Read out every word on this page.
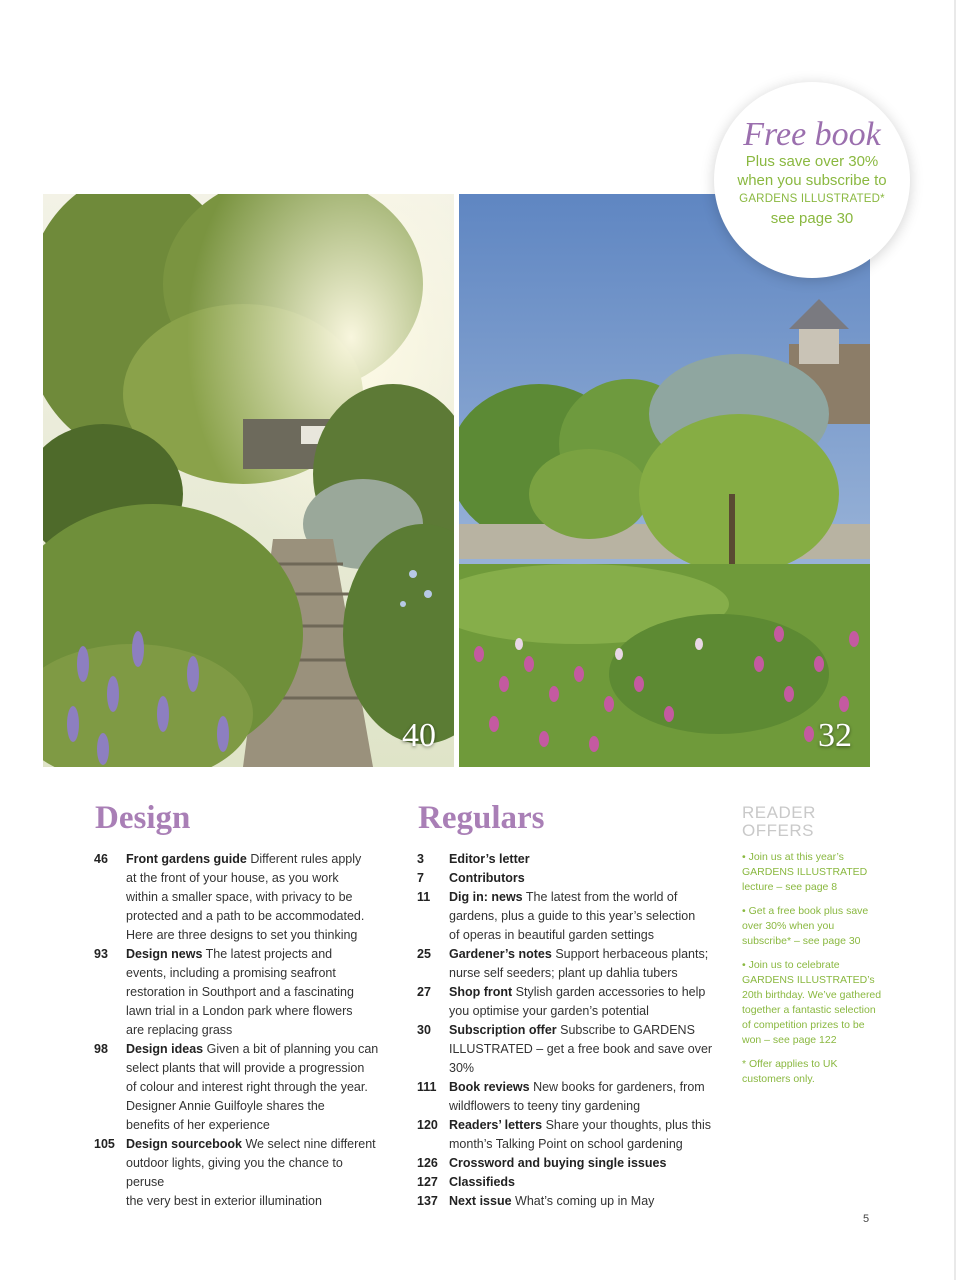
40	32
Free book
Plus save over 30%
when you subscribe to
GARDENS ILLUSTRATED*
see page 30
Design	Regulars
46	Front gardens guide Different rules apply
at the front of your house, as you work
within a smaller space, with privacy to be
protected and a path to be accommodated.
Here are three designs to set you thinking
93	Design news The latest projects and
events, including a promising seafront
restoration in Southport and a fascinating
lawn trial in a London park where flowers
are replacing grass
98	Design ideas Given a bit of planning you can
select plants that will provide a progression
of colour and interest right through the year.
Designer Annie Guilfoyle shares the
benefits of her experience
105 Design sourcebook We select nine different
outdoor lights, giving you the chance to peruse
the very best in exterior illumination
3	Editor’s letter
7	Contributors
11	Dig in: news The latest from the world of
gardens, plus a guide to this year’s selection
of operas in beautiful garden settings
25	Gardener’s notes Support herbaceous plants;
nurse self seeders; plant up dahlia tubers
27	Shop front Stylish garden accessories to help
you optimise your garden’s potential
30	Subscription offer Subscribe to GARDENS
ILLUSTRATED – get a free book and save over 30%
111	Book reviews New books for gardeners, from
wildflowers to teeny tiny gardening
120 Readers’ letters Share your thoughts, plus this
month’s Talking Point on school gardening
126 Crossword and buying single issues
127 Classifieds
137 Next issue What’s coming up in May
READER
OFFERS
• Join us at this year’s GARDENS ILLUSTRATED lecture – see page 8
• Get a free book plus save over 30% when you subscribe* – see page 30
• Join us to celebrate GARDENS ILLUSTRATED’s 20th birthday. We’ve gathered together a fantastic selection of competition prizes to be won – see page 122
* Offer applies to UK customers only.
5
